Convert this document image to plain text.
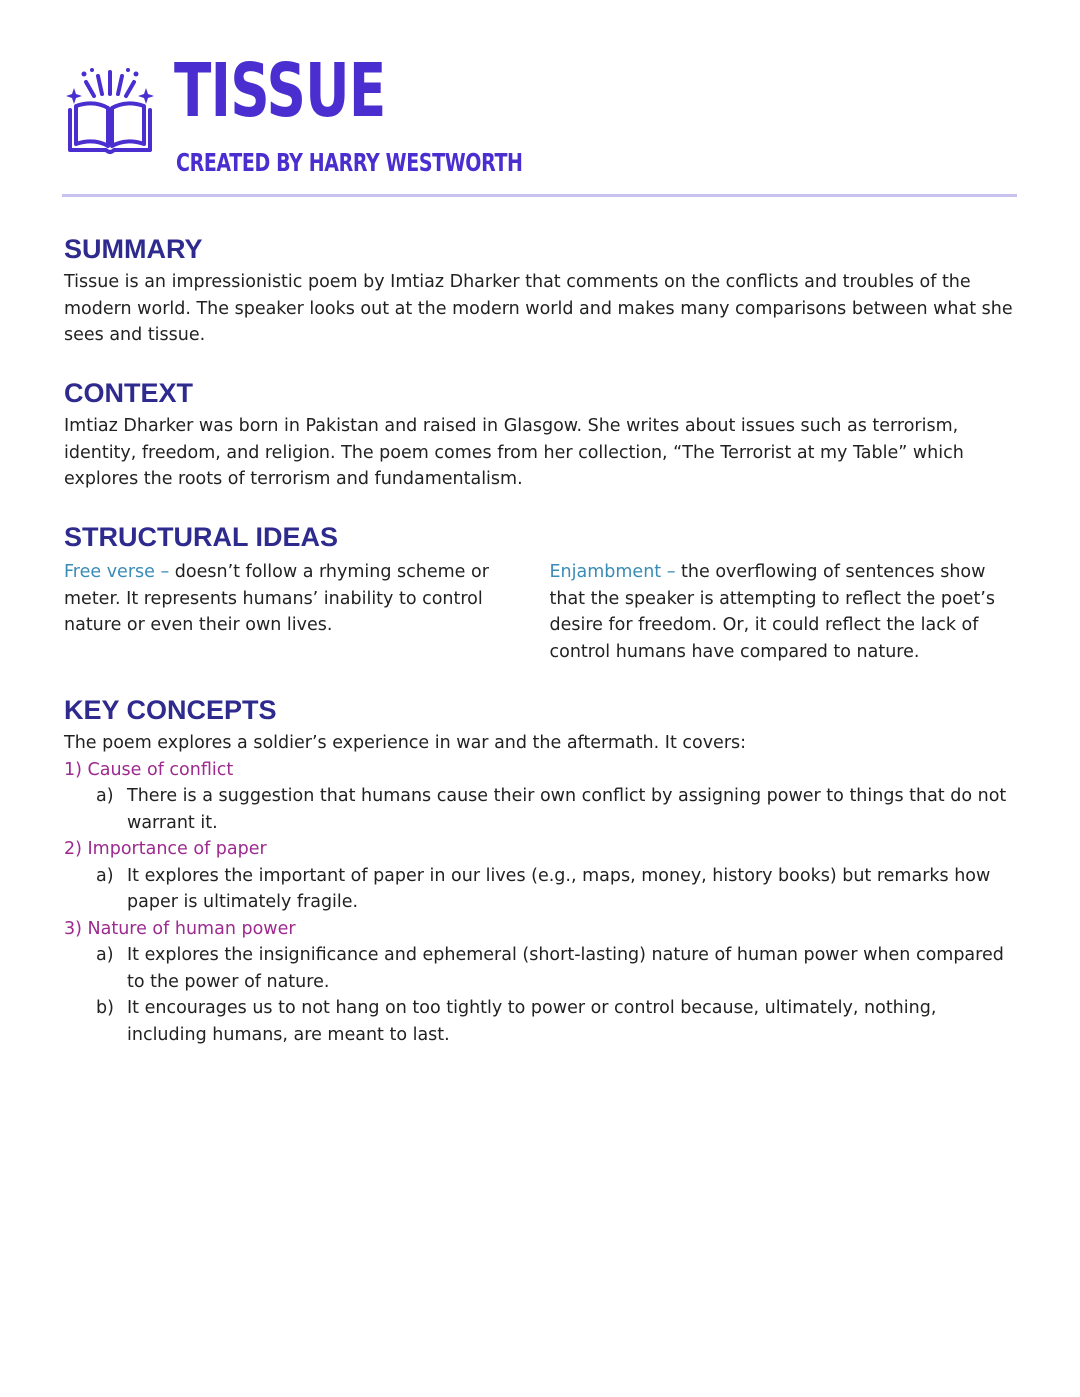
TISSUE
CREATED BY HARRY WESTWORTH
SUMMARY

Tissue is an impressionistic poem by Imtiaz Dharker that comments on the conflicts and troubles of the modern world. The speaker looks out at the modern world and makes many comparisons between what she sees and tissue.

CONTEXT

Imtiaz Dharker was born in Pakistan and raised in Glasgow. She writes about issues such as terrorism, identity, freedom, and religion. The poem comes from her collection, “The Terrorist at my Table” which explores the roots of terrorism and fundamentalism.

STRUCTURAL IDEAS

Free verse – doesn’t follow a rhyming scheme or meter. It represents humans’ inability to control nature or even their own lives.

Enjambment – the overflowing of sentences show that the speaker is attempting to reflect the poet’s desire for freedom. Or, it could reflect the lack of control humans have compared to nature.

KEY CONCEPTS

The poem explores a soldier’s experience in war and the aftermath. It covers:

1) Cause of conflict

a) There is a suggestion that humans cause their own conflict by assigning power to things that do not warrant it.

2) Importance of paper

a) It explores the important of paper in our lives (e.g., maps, money, history books) but remarks how paper is ultimately fragile.

3) Nature of human power

a) It explores the insignificance and ephemeral (short-lasting) nature of human power when compared to the power of nature.
b) It encourages us to not hang on too tightly to power or control because, ultimately, nothing, including humans, are meant to last.
